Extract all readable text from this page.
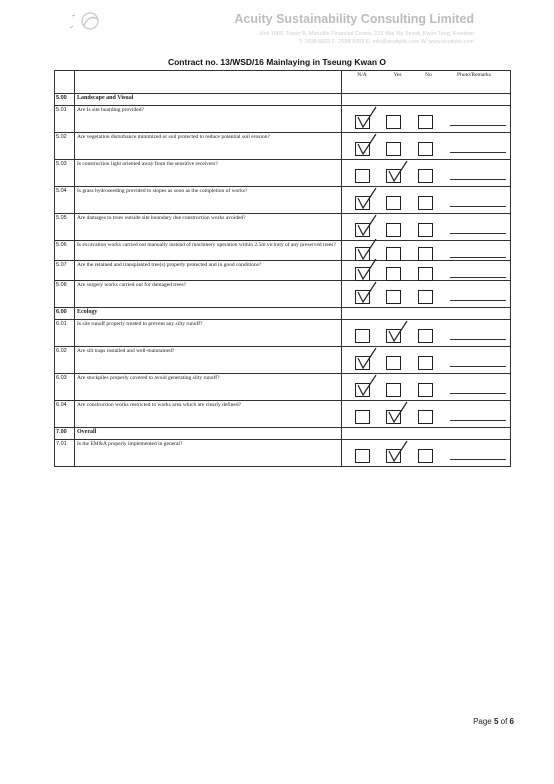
Acuity Sustainability Consulting Limited
Unit 1008, Tower B, Manulife Financial Centre, 223 Wai Yip Street, Kwun Tong, Kowloon
T: 2698 6833 F: 2698 9383 E: info@acuityhk.com W: www.acuityhk.com
Contract no. 13/WSD/16 Mainlaying in Tseung Kwan O

		N/A Yes No Photo/Remarks

5.00	Landscape and Visual	
5.01	Are Is site hoarding provided?	

5.02	Are vegetation disturbance minimized or soil protected to reduce potential soil erosion?	

5.03	Is construction light oriented away from the sensitive receivers?	

5.04	Is grass hydroseeding provided to slopes as soon as the completion of works?	

5.05	Are damages to trees outside site boundary due construction works avoided?	

5.06	Is excavation works carried out manually instead of machinery operation within 2.5m vicinity of any preserved trees?	

5.07	Are the retained and transplanted tree(s) properly protected and in good conditions?	

5.08	Are surgery works carried out for damaged trees?	

6.00	Ecology	
6.01	Is site runoff properly treated to prevent any silty runoff?	

6.02	Are silt traps installed and well-maintained?	

6.03	Are stockpiles properly covered to avoid generating silty runoff?	

6.04	Are construction works restricted to works area which are clearly defined?	

7.00	Overall	
7.01	Is the EM&A properly implemented in general?	
Page 5 of 6
